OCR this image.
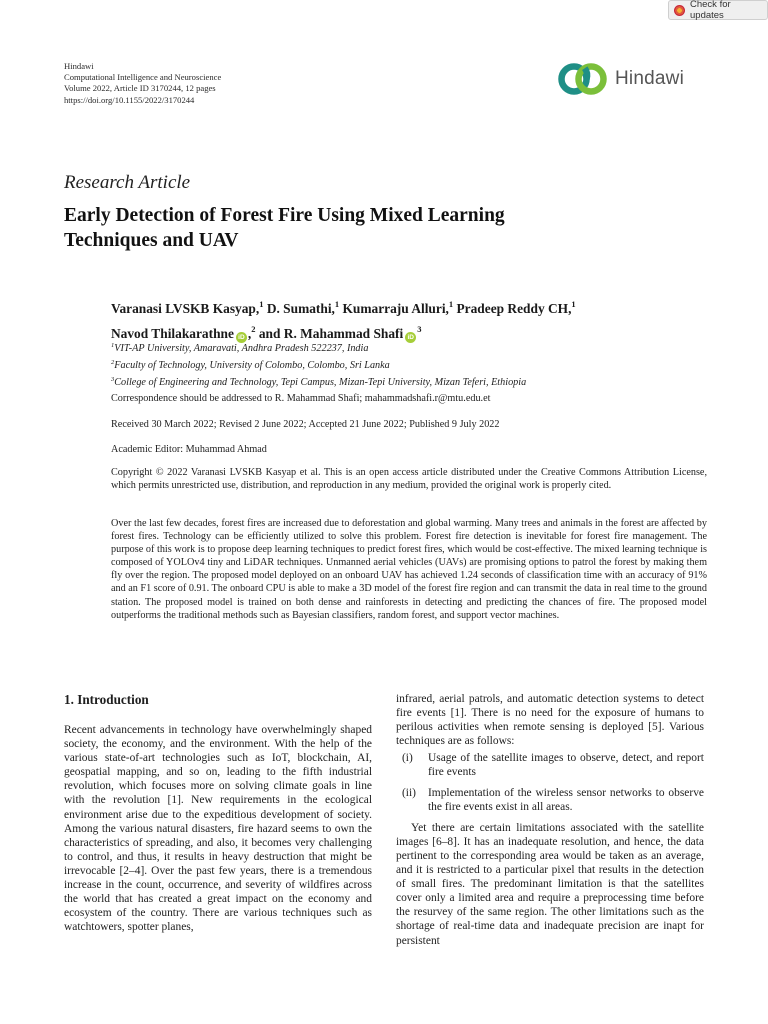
Check for updates
Hindawi
Computational Intelligence and Neuroscience
Volume 2022, Article ID 3170244, 12 pages
https://doi.org/10.1155/2022/3170244
Hindawi
Research Article
Early Detection of Forest Fire Using Mixed Learning
Techniques and UAV
Varanasi LVSKB Kasyap,$^1$ D. Sumathi,$^1$ Kumarraju Alluri,$^1$ Pradeep Reddy CH,$^1$
Navod Thilakarathne iD ,$^2$ and R. Mahammad Shafi $iD^3$
$^1$VIT-AP University, Amaravati, Andhra Pradesh 522237, India
$^2$Faculty of Technology, University of Colombo, Colombo, Sri Lanka
$^3$College of Engineering and Technology, Tepi Campus, Mizan-Tepi University, Mizan Teferi, Ethiopia
Correspondence should be addressed to R. Mahammad Shafi; mahammadshafi.r@mtu.edu.et
Received 30 March 2022; Revised 2 June 2022; Accepted 21 June 2022; Published 9 July 2022
Academic Editor: Muhammad Ahmad
Copyright © 2022 Varanasi LVSKB Kasyap et al. This is an open access article distributed under the Creative Commons Attribution License, which permits unrestricted use, distribution, and reproduction in any medium, provided the original work is properly cited.
Over the last few decades, forest fires are increased due to deforestation and global warming. Many trees and animals in the forest are affected by forest fires. Technology can be efficiently utilized to solve this problem. Forest fire detection is inevitable for forest fire management. The purpose of this work is to propose deep learning techniques to predict forest fires, which would be cost-effective. The mixed learning technique is composed of YOLOv4 tiny and LiDAR techniques. Unmanned aerial vehicles (UAVs) are promising options to patrol the forest by making them fly over the region. The proposed model deployed on an onboard UAV has achieved 1.24 seconds of classification time with an accuracy of 91% and an F1 score of 0.91. The onboard CPU is able to make a 3D model of the forest fire region and can transmit the data in real time to the ground station. The proposed model is trained on both dense and rainforests in detecting and predicting the chances of fire. The proposed model outperforms the traditional methods such as Bayesian classifiers, random forest, and support vector machines.
1. Introduction

Recent advancements in technology have overwhelmingly shaped society, the economy, and the environment. With the help of the various state-of-art technologies such as IoT, blockchain, AI, geospatial mapping, and so on, leading to the fifth industrial revolution, which focuses more on solving climate goals in line with the revolution [1]. New requirements in the ecological environment arise due to the expeditious development of society. Among the various natural disasters, fire hazard seems to own the characteristics of spreading, and also, it becomes very challenging to control, and thus, it results in heavy destruction that might be irrevocable [2–4]. Over the past few years, there is a tremendous increase in the count, occurrence, and severity of wildfires across the world that has created a great impact on the economy and ecosystem of the country. There are various techniques such as watchtowers, spotter planes,

infrared, aerial patrols, and automatic detection systems to detect fire events [1]. There is no need for the exposure of humans to perilous activities when remote sensing is deployed [5]. Various techniques are as follows:

(i)	Usage of the satellite images to observe, detect, and report fire events
(ii)	Implementation of the wireless sensor networks to observe the fire events exist in all areas.

Yet there are certain limitations associated with the satellite images [6–8]. It has an inadequate resolution, and hence, the data pertinent to the corresponding area would be taken as an average, and it is restricted to a particular pixel that results in the detection of small fires. The predominant limitation is that the satellites cover only a limited area and require a preprocessing time before the resurvey of the same region. The other limitations such as the shortage of real-time data and inadequate precision are inapt for persistent
